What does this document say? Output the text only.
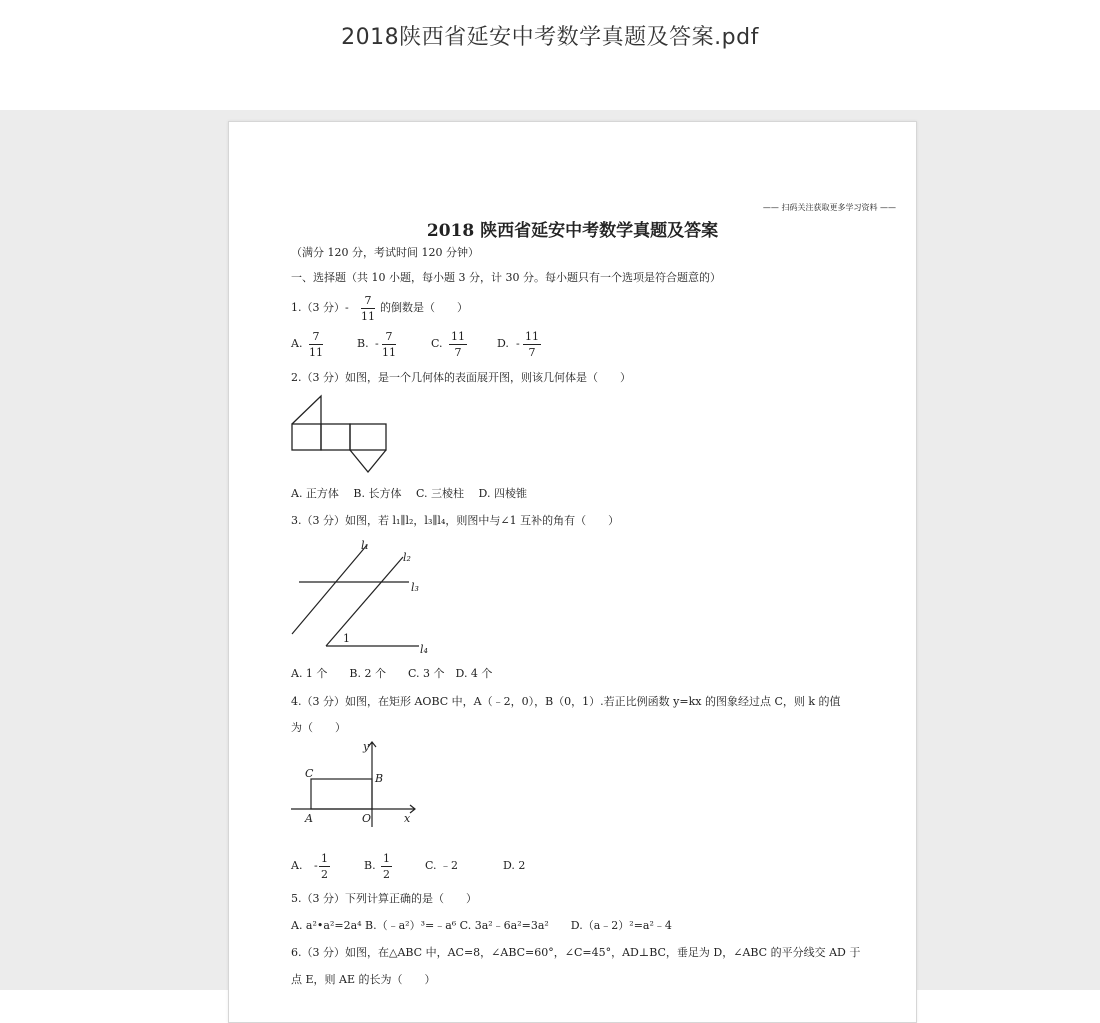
2018陕西省延安中考数学真题及答案.pdf
—— 扫码关注获取更多学习资料 ——
2018 陕西省延安中考数学真题及答案
（满分 120 分，考试时间 120 分钟）
一、选择题（共 10 小题，每小题 3 分，计 30 分。每小题只有一个选项是符合题意的）
1.（3 分）- $\frac{7}{11}$ 的倒数是（　　）
A. $\frac{7}{11}$	B. - $\frac{7}{11}$	C. $\frac{11}{7}$	D. - $\frac{11}{7}$
2.（3 分）如图，是一个几何体的表面展开图，则该几何体是（　　）
A. 正方体　 B. 长方体　 C. 三棱柱　 D. 四棱锥
3.（3 分）如图，若 l₁∥l₂，l₃∥l₄，则图中与∠1 互补的角有（　　）
l₁
l₂
l₃
l₄
1
A. 1 个　　B. 2 个　　C. 3 个　D. 4 个
4.（3 分）如图，在矩形 AOBC 中，A（﹣2，0），B（0，1）.若正比例函数 y=kx 的图象经过点 C，则 k 的值
为（　　）
y
x
C	B
A	O
A. - $\frac{1}{2}$	B. $\frac{1}{2}$	C. ﹣2	D. 2
5.（3 分）下列计算正确的是（　　）
A. a²•a²=2a⁴ B.（﹣a²）³=﹣a⁶ C. 3a²﹣6a²=3a²　　D.（a﹣2）²=a²﹣4
6.（3 分）如图，在△ABC 中，AC=8，∠ABC=60°，∠C=45°，AD⊥BC，垂足为 D，∠ABC 的平分线交 AD 于
点 E，则 AE 的长为（　　）
